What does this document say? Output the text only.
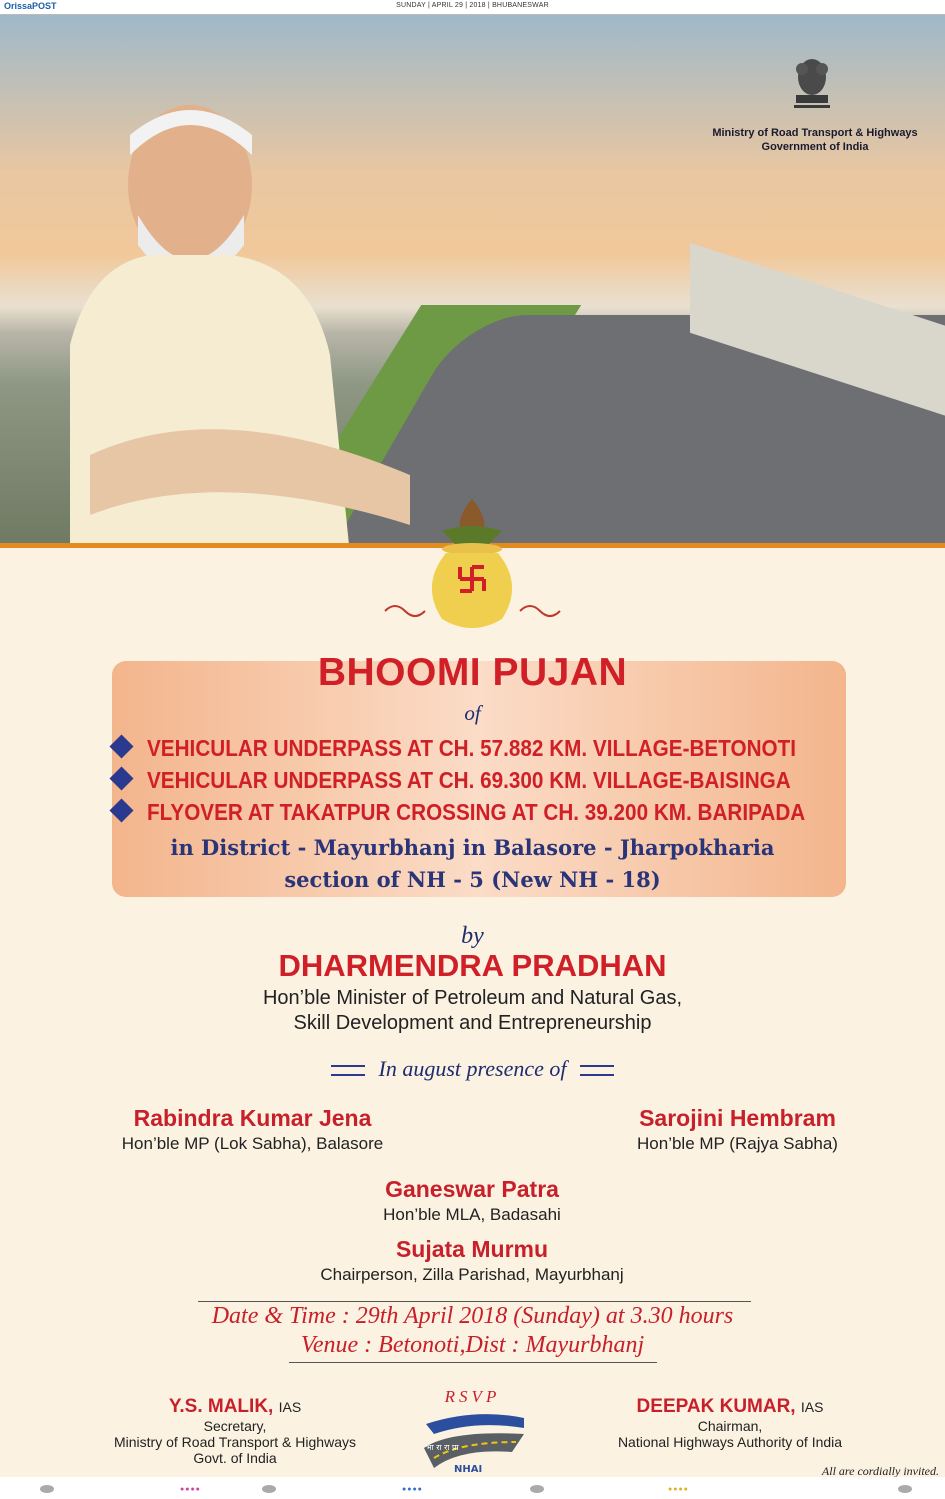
OrissaPOST	SUNDAY | APRIL 29 | 2018 | BHUBANESWAR
Ministry of Road Transport & Highways
Government of India
BHOOMI PUJAN
of
VEHICULAR UNDERPASS AT CH. 57.882 KM. VILLAGE-BETONOTI
VEHICULAR UNDERPASS AT CH. 69.300 KM. VILLAGE-BAISINGA
FLYOVER AT TAKATPUR CROSSING AT CH. 39.200 KM. BARIPADA
in District - Mayurbhanj in Balasore - Jharpokharia
section of NH - 5 (New NH - 18)
by
DHARMENDRA PRADHAN
Hon’ble Minister of Petroleum and Natural Gas,
Skill Development and Entrepreneurship
In august presence of
Rabindra Kumar Jena
Hon’ble MP (Lok Sabha), Balasore
Sarojini Hembram
Hon’ble MP (Rajya Sabha)
Ganeswar Patra
Hon’ble MLA, Badasahi
Sujata Murmu
Chairperson, Zilla Parishad, Mayurbhanj
Date & Time : 29th April 2018 (Sunday) at 3.30 hours
Venue : Betonoti,Dist : Mayurbhanj
RSVP
भा रा रा प्रा
NHAI
Y.S. MALIK, IAS
Secretary,
Ministry of Road Transport & Highways
Govt. of India
DEEPAK KUMAR, IAS
Chairman,
National Highways Authority of India
All are cordially invited.
●●●●	●●●●	●●●●
